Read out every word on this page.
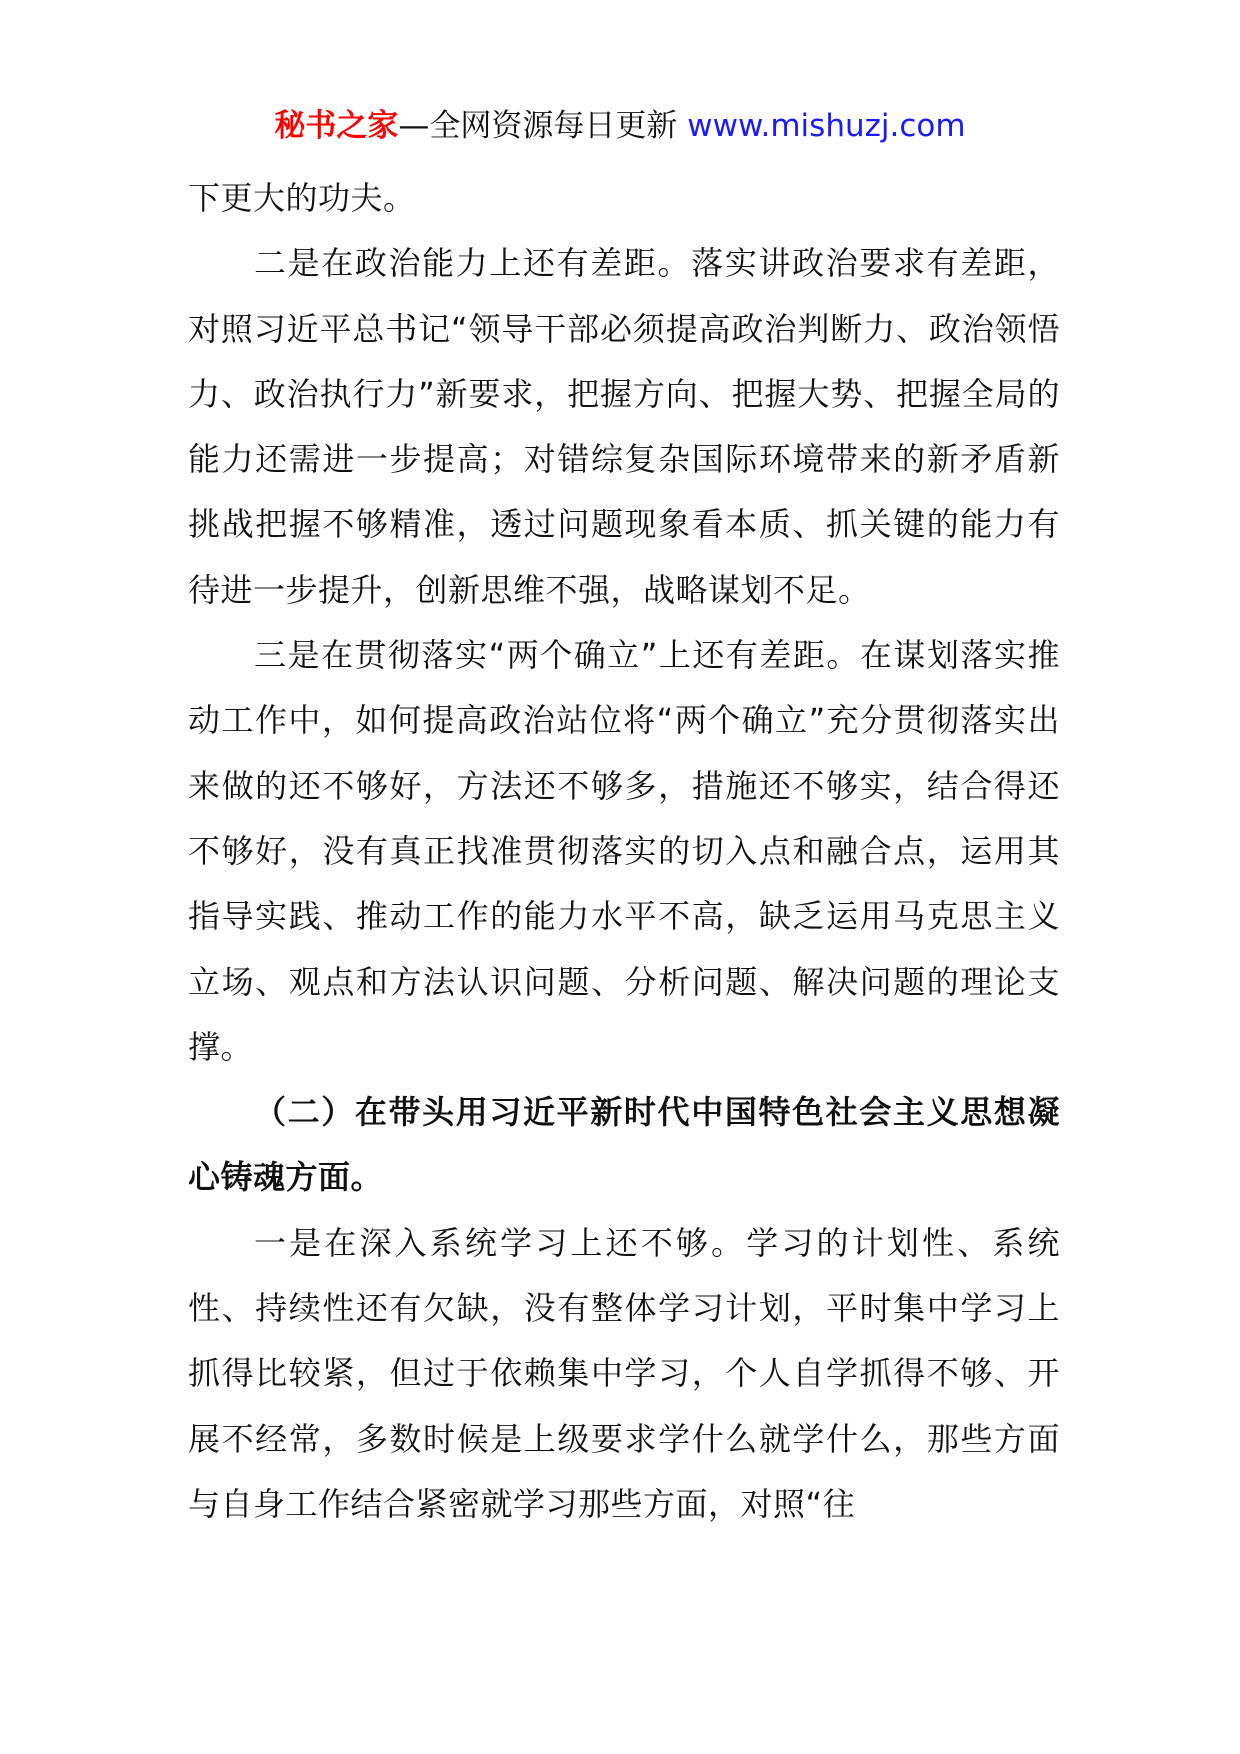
秘书之家—全网资源每日更新 www.mishuzj.com

下更大的功夫。

二是在政治能力上还有差距。落实讲政治要求有差距，对照习近平总书记“领导干部必须提高政治判断力、政治领悟力、政治执行力”新要求，把握方向、把握大势、把握全局的能力还需进一步提高；对错综复杂国际环境带来的新矛盾新挑战把握不够精准，透过问题现象看本质、抓关键的能力有待进一步提升，创新思维不强，战略谋划不足。

三是在贯彻落实“两个确立”上还有差距。在谋划落实推动工作中，如何提高政治站位将“两个确立”充分贯彻落实出来做的还不够好，方法还不够多，措施还不够实，结合得还不够好，没有真正找准贯彻落实的切入点和融合点，运用其指导实践、推动工作的能力水平不高，缺乏运用马克思主义立场、观点和方法认识问题、分析问题、解决问题的理论支撑。

（二）在带头用习近平新时代中国特色社会主义思想凝心铸魂方面。

一是在深入系统学习上还不够。学习的计划性、系统性、持续性还有欠缺，没有整体学习计划，平时集中学习上抓得比较紧，但过于依赖集中学习，个人自学抓得不够、开展不经常，多数时候是上级要求学什么就学什么，那些方面与自身工作结合紧密就学习那些方面，对照“往
